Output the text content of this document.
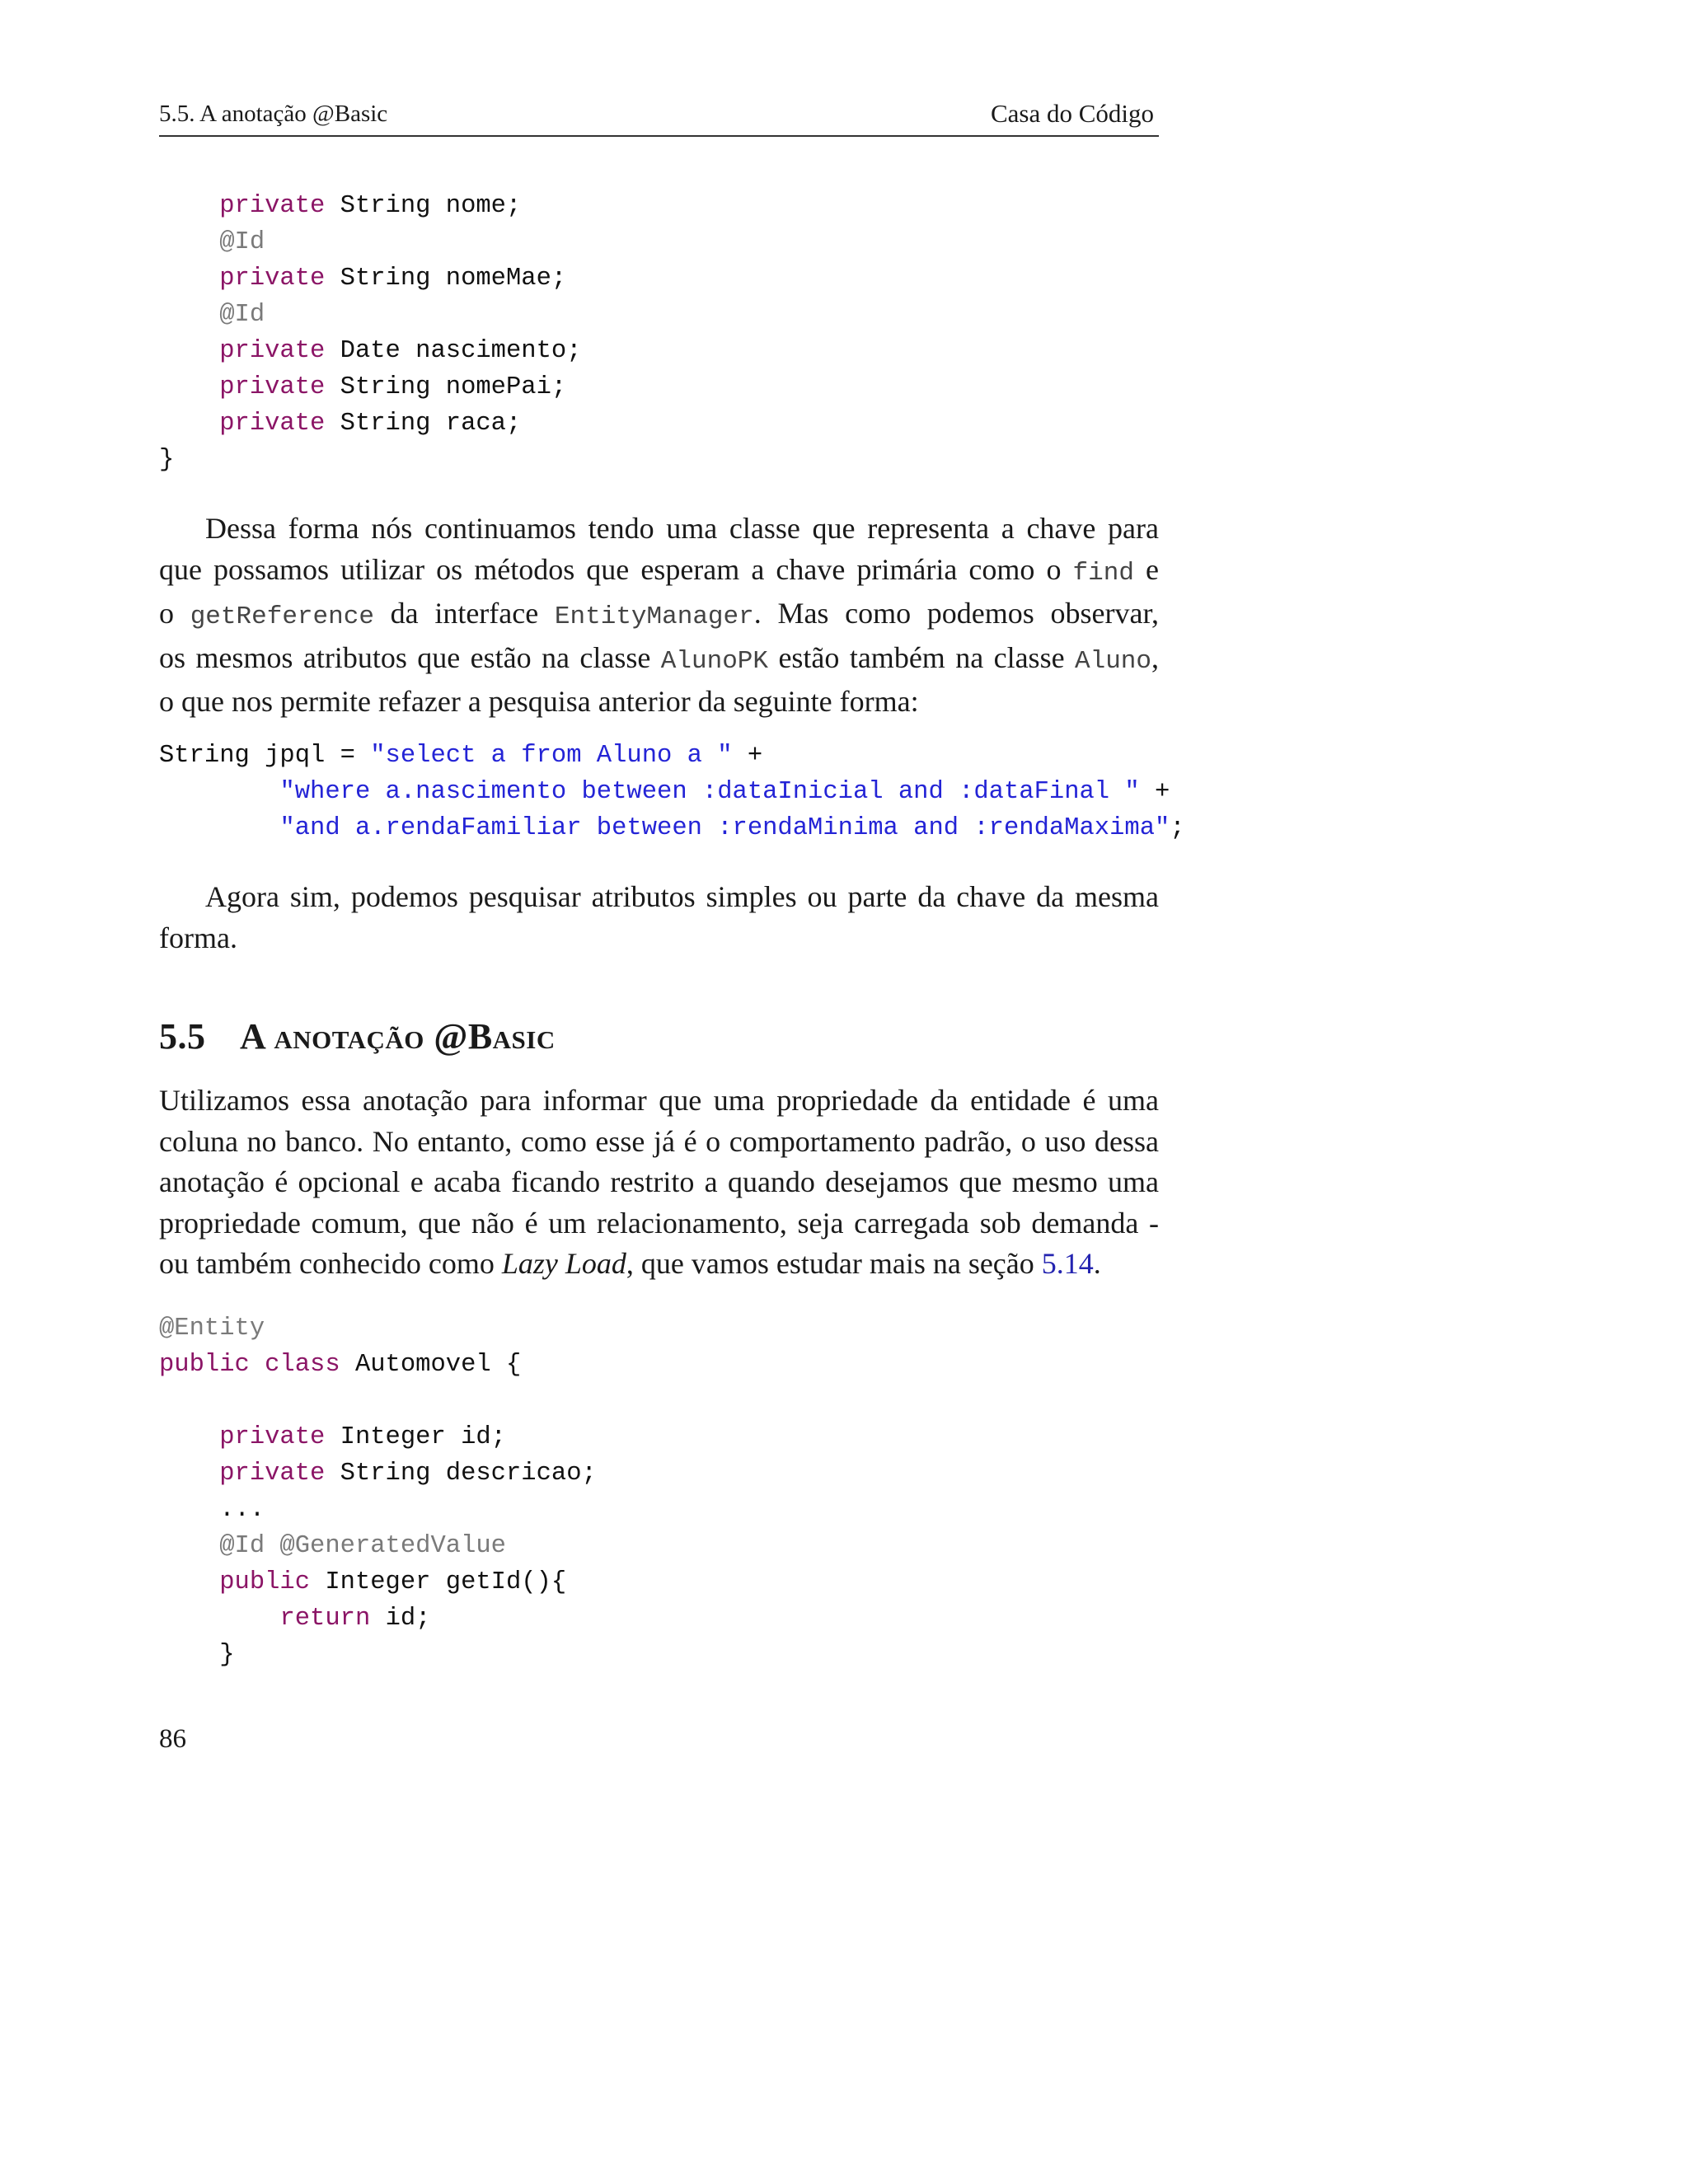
5.5. A anotação @Basic	Casa do Código
private String nome;
@Id
private String nomeMae;
@Id
private Date nascimento;
private String nomePai;
private String raca;
}
Dessa forma nós continuamos tendo uma classe que representa a chave para
que possamos utilizar os métodos que esperam a chave primária como o find e
o getReference da interface EntityManager. Mas como podemos observar,
os mesmos atributos que estão na classe AlunoPK estão também na classe Aluno,
o que nos permite refazer a pesquisa anterior da seguinte forma:
String jpql = "select a from Aluno a " +
"where a.nascimento between :dataInicial and :dataFinal " +
"and a.rendaFamiliar between :rendaMinima and :rendaMaxima";
Agora sim, podemos pesquisar atributos simples ou parte da chave da mesma
forma.
5.5 A anotação @Basic
Utilizamos essa anotação para informar que uma propriedade da entidade é uma
coluna no banco. No entanto, como esse já é o comportamento padrão, o uso dessa
anotação é opcional e acaba ficando restrito a quando desejamos que mesmo uma
propriedade comum, que não é um relacionamento, seja carregada sob demanda -
ou também conhecido como Lazy Load, que vamos estudar mais na seção 5.14.
@Entity
public class Automovel {

private Integer id;
private String descricao;
...
@Id @GeneratedValue
public Integer getId(){
return id;
}
86
